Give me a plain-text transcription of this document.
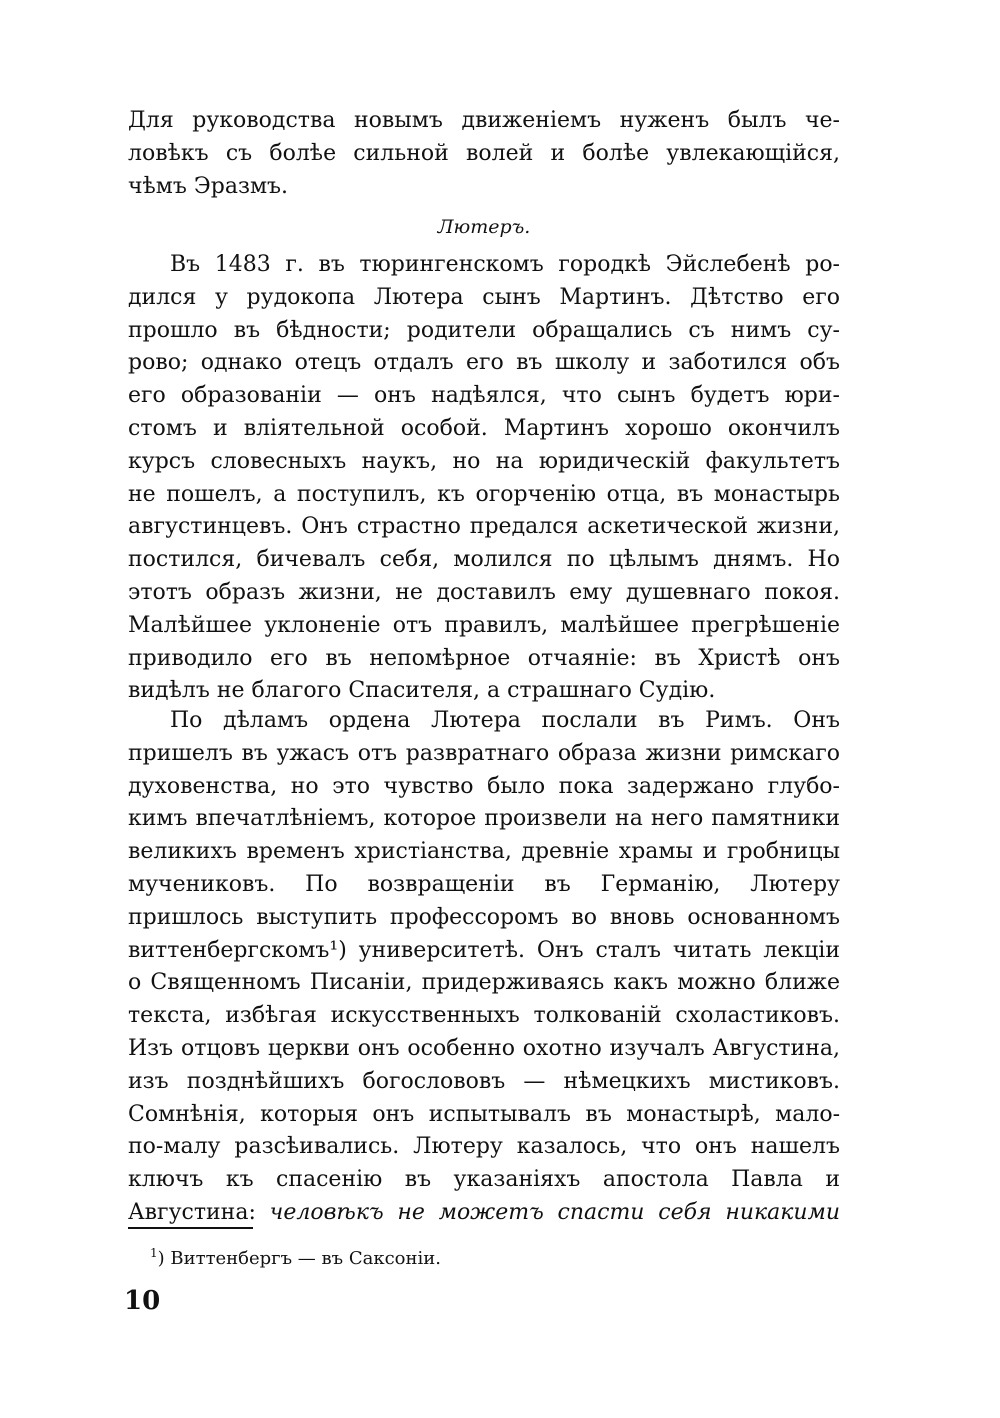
Для руководства новымъ движенiемъ нуженъ былъ че-
ловѣкъ съ болѣе сильной волей и болѣе увлекающiйся,
чѣмъ Эразмъ.
Лютеръ.
Въ 1483 г. въ тюрингенскомъ городкѣ Эйслебенѣ ро-
дился у рудокопа Лютера сынъ Мартинъ. Дѣтство его
прошло въ бѣдности; родители обращались съ нимъ су-
рово; однако отецъ отдалъ его въ школу и заботился объ
его образованiи — онъ надѣялся, что сынъ будетъ юри-
стомъ и влiятельной особой. Мартинъ хорошо окончилъ
курсъ словесныхъ наукъ, но на юридическiй факультетъ
не пошелъ, а поступилъ, къ огорченiю отца, въ монастырь
августинцевъ. Онъ страстно предался аскетической жизни,
постился, бичевалъ себя, молился по цѣлымъ днямъ. Но
этотъ образъ жизни, не доставилъ ему душевнаго покоя.
Малѣйшее уклоненiе отъ правилъ, малѣйшее прегрѣшенiе
приводило его въ непомѣрное отчаянiе: въ Христѣ онъ
видѣлъ не благого Спасителя, а страшнаго Судiю.
По дѣламъ ордена Лютера послали въ Римъ. Онъ
пришелъ въ ужасъ отъ развратнаго образа жизни римскаго
духовенства, но это чувство было пока задержано глубо-
кимъ впечатлѣнiемъ, которое произвели на него памятники
великихъ временъ христiанства, древнiе храмы и гробницы
мучениковъ. По возвращенiи въ Германiю, Лютеру
пришлось выступить профессоромъ во вновь основанномъ
виттенбергскомъ¹) университетѣ. Онъ сталъ читать лекцiи
о Священномъ Писанiи, придерживаясь какъ можно ближе
текста, избѣгая искусственныхъ толкованiй схоластиковъ.
Изъ отцовъ церкви онъ особенно охотно изучалъ Августина,
изъ позднѣйшихъ богослововъ — нѣмецкихъ мистиковъ.
Сомнѣнiя, которыя онъ испытывалъ въ монастырѣ, мало-
по-малу разсѣивались. Лютеру казалось, что онъ нашелъ
ключъ къ спасенiю въ указанiяхъ апостола Павла и
Августина: человѣкъ не можетъ спасти себя никакими
$^1$) Виттенбергъ — въ Саксонiи.
10
